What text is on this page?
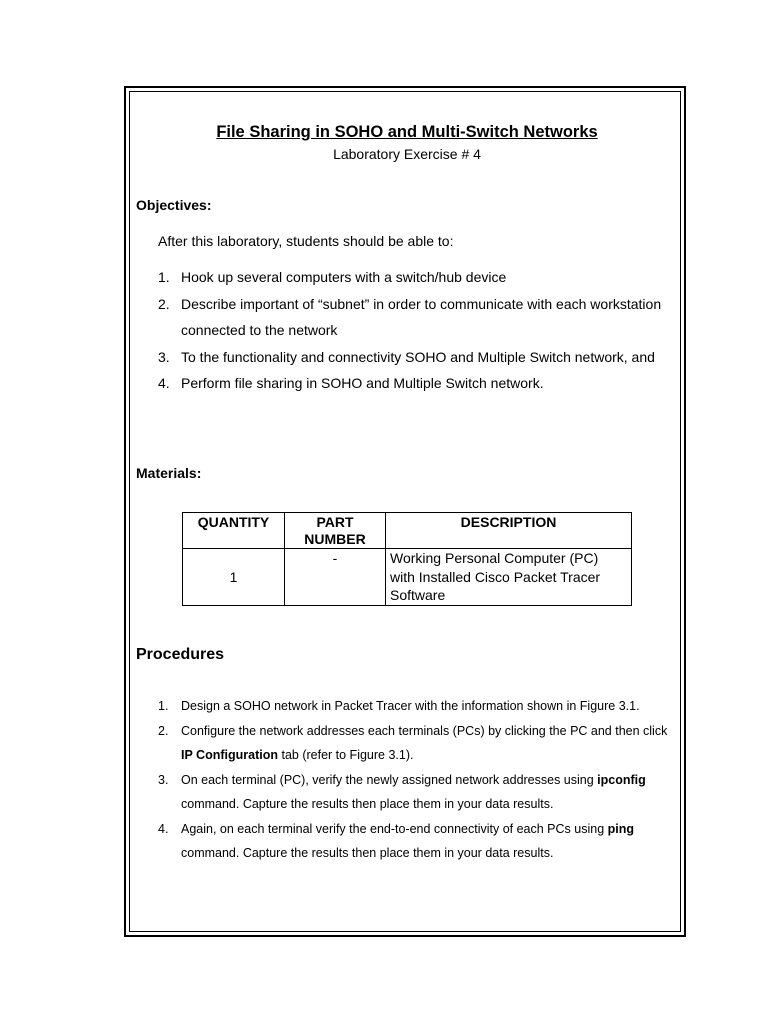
File Sharing in SOHO and Multi-Switch Networks
Laboratory Exercise # 4
Objectives:
After this laboratory, students should be able to:
1. Hook up several computers with a switch/hub device
2. Describe important of “subnet” in order to communicate with each workstation connected to the network
3. To the functionality and connectivity SOHO and Multiple Switch network, and
4. Perform file sharing in SOHO and Multiple Switch network.
Materials:
QUANTITY	PART NUMBER	DESCRIPTION
1	-	Working Personal Computer (PC) with Installed Cisco Packet Tracer Software
Procedures
1. Design a SOHO network in Packet Tracer with the information shown in Figure 3.1.
2. Configure the network addresses each terminals (PCs) by clicking the PC and then click IP Configuration tab (refer to Figure 3.1).
3. On each terminal (PC), verify the newly assigned network addresses using ipconfig command. Capture the results then place them in your data results.
4. Again, on each terminal verify the end-to-end connectivity of each PCs using ping command. Capture the results then place them in your data results.
